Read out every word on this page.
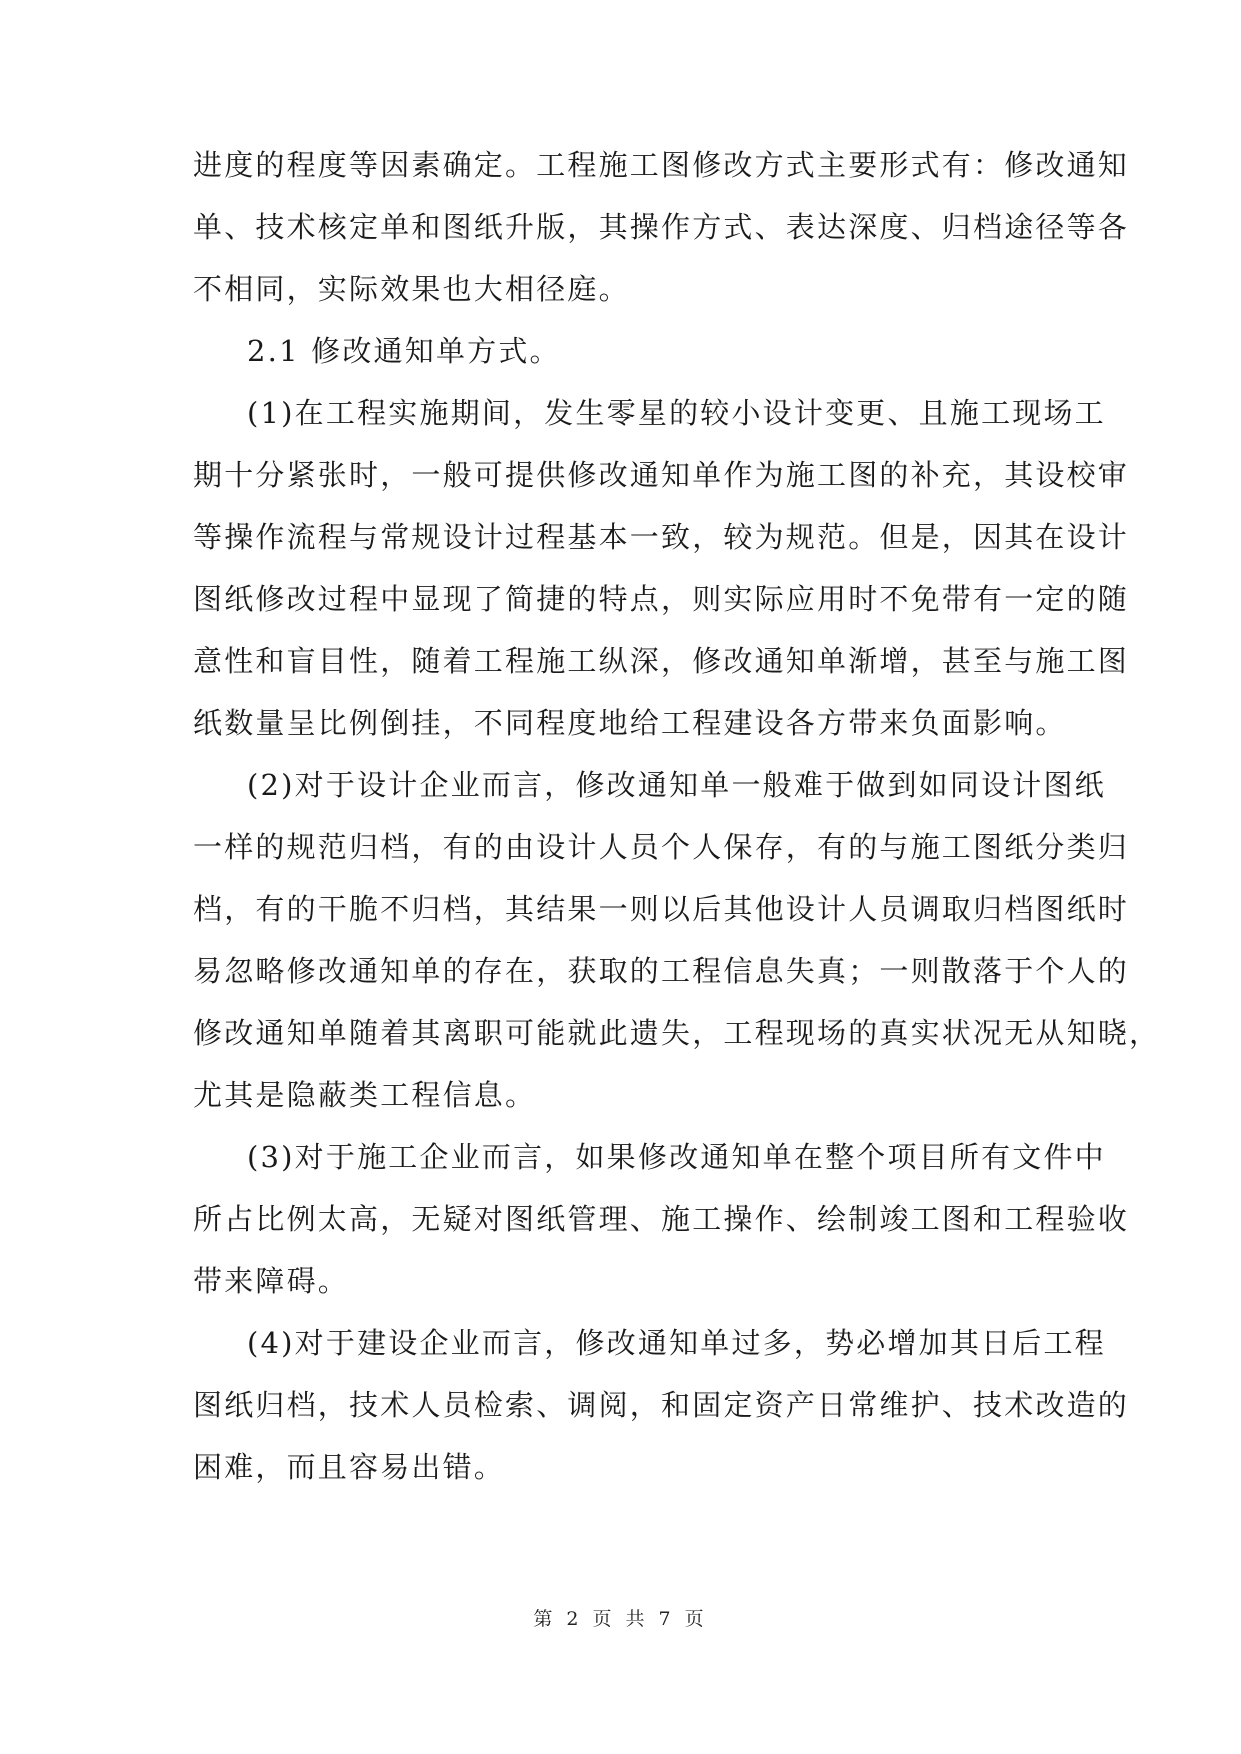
进度的程度等因素确定。工程施工图修改方式主要形式有：修改通知
单、技术核定单和图纸升版，其操作方式、表达深度、归档途径等各
不相同，实际效果也大相径庭。
2.1 修改通知单方式。
(1)在工程实施期间，发生零星的较小设计变更、且施工现场工
期十分紧张时，一般可提供修改通知单作为施工图的补充，其设校审
等操作流程与常规设计过程基本一致，较为规范。但是，因其在设计
图纸修改过程中显现了简捷的特点，则实际应用时不免带有一定的随
意性和盲目性，随着工程施工纵深，修改通知单渐增，甚至与施工图
纸数量呈比例倒挂，不同程度地给工程建设各方带来负面影响。
(2)对于设计企业而言，修改通知单一般难于做到如同设计图纸
一样的规范归档，有的由设计人员个人保存，有的与施工图纸分类归
档，有的干脆不归档，其结果一则以后其他设计人员调取归档图纸时
易忽略修改通知单的存在，获取的工程信息失真；一则散落于个人的
修改通知单随着其离职可能就此遗失，工程现场的真实状况无从知晓，
尤其是隐蔽类工程信息。
(3)对于施工企业而言，如果修改通知单在整个项目所有文件中
所占比例太高，无疑对图纸管理、施工操作、绘制竣工图和工程验收
带来障碍。
(4)对于建设企业而言，修改通知单过多，势必增加其日后工程
图纸归档，技术人员检索、调阅，和固定资产日常维护、技术改造的
困难，而且容易出错。
第 2 页 共 7 页
